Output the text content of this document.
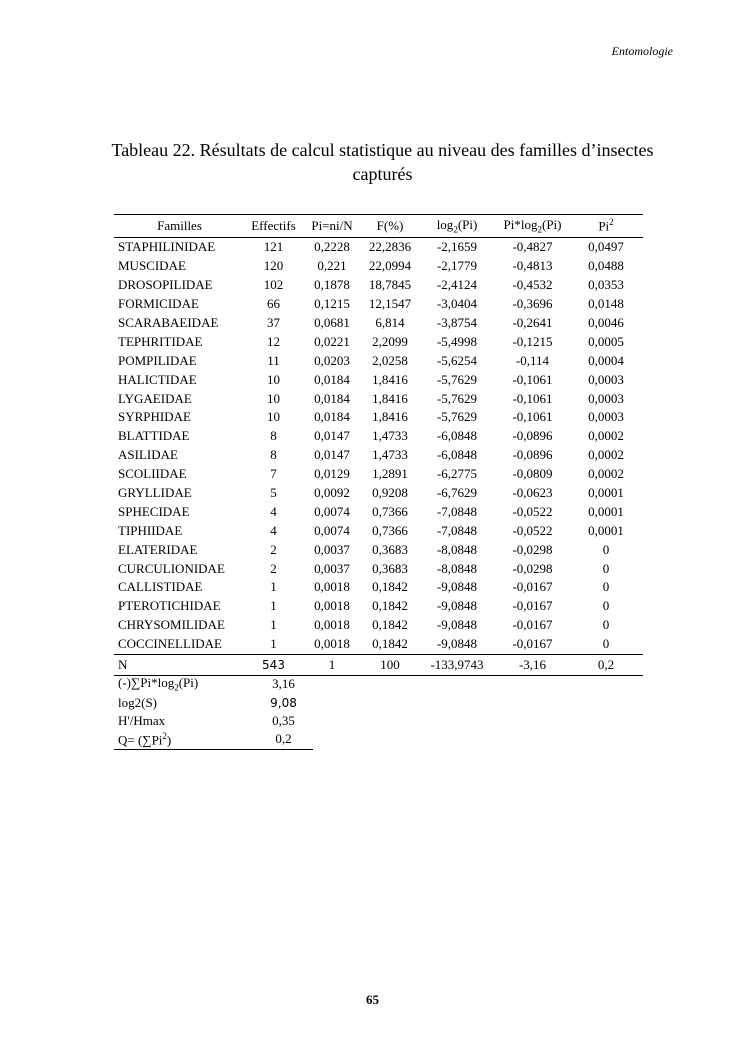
Entomologie
Tableau 22. Résultats de calcul statistique au niveau des familles d’insectes
capturés
Familles	Effectifs	Pi=ni/N	F(%)	$\log_2(Pi)$	$Pi*\log_2(Pi)$	Pi$^2$
STAPHILINIDAE	121	0,2228	22,2836	-2,1659	-0,4827	0,0497
MUSCIDAE	120	0,221	22,0994	-2,1779	-0,4813	0,0488
DROSOPILIDAE	102	0,1878	18,7845	-2,4124	-0,4532	0,0353
FORMICIDAE	66	0,1215	12,1547	-3,0404	-0,3696	0,0148
SCARABAEIDAE	37	0,0681	6,814	-3,8754	-0,2641	0,0046
TEPHRITIDAE	12	0,0221	2,2099	-5,4998	-0,1215	0,0005
POMPILIDAE	11	0,0203	2,0258	-5,6254	-0,114	0,0004
HALICTIDAE	10	0,0184	1,8416	-5,7629	-0,1061	0,0003
LYGAEIDAE	10	0,0184	1,8416	-5,7629	-0,1061	0,0003
SYRPHIDAE	10	0,0184	1,8416	-5,7629	-0,1061	0,0003
BLATTIDAE	8	0,0147	1,4733	-6,0848	-0,0896	0,0002
ASILIDAE	8	0,0147	1,4733	-6,0848	-0,0896	0,0002
SCOLIIDAE	7	0,0129	1,2891	-6,2775	-0,0809	0,0002
GRYLLIDAE	5	0,0092	0,9208	-6,7629	-0,0623	0,0001
SPHECIDAE	4	0,0074	0,7366	-7,0848	-0,0522	0,0001
TIPHIIDAE	4	0,0074	0,7366	-7,0848	-0,0522	0,0001
ELATERIDAE	2	0,0037	0,3683	-8,0848	-0,0298	0
CURCULIONIDAE	2	0,0037	0,3683	-8,0848	-0,0298	0
CALLISTIDAE	1	0,0018	0,1842	-9,0848	-0,0167	0
PTEROTICHIDAE	1	0,0018	0,1842	-9,0848	-0,0167	0
CHRYSOMILIDAE	1	0,0018	0,1842	-9,0848	-0,0167	0
COCCINELLIDAE	1	0,0018	0,1842	-9,0848	-0,0167	0
N	543	1	100	-133,9743	-3,16	0,2
$(-)\sum Pi*\log_2(Pi)$	3,16
log2(S)	9,08
H'/Hmax	0,35
$Q= (\sum Pi^2)$	0,2
65
